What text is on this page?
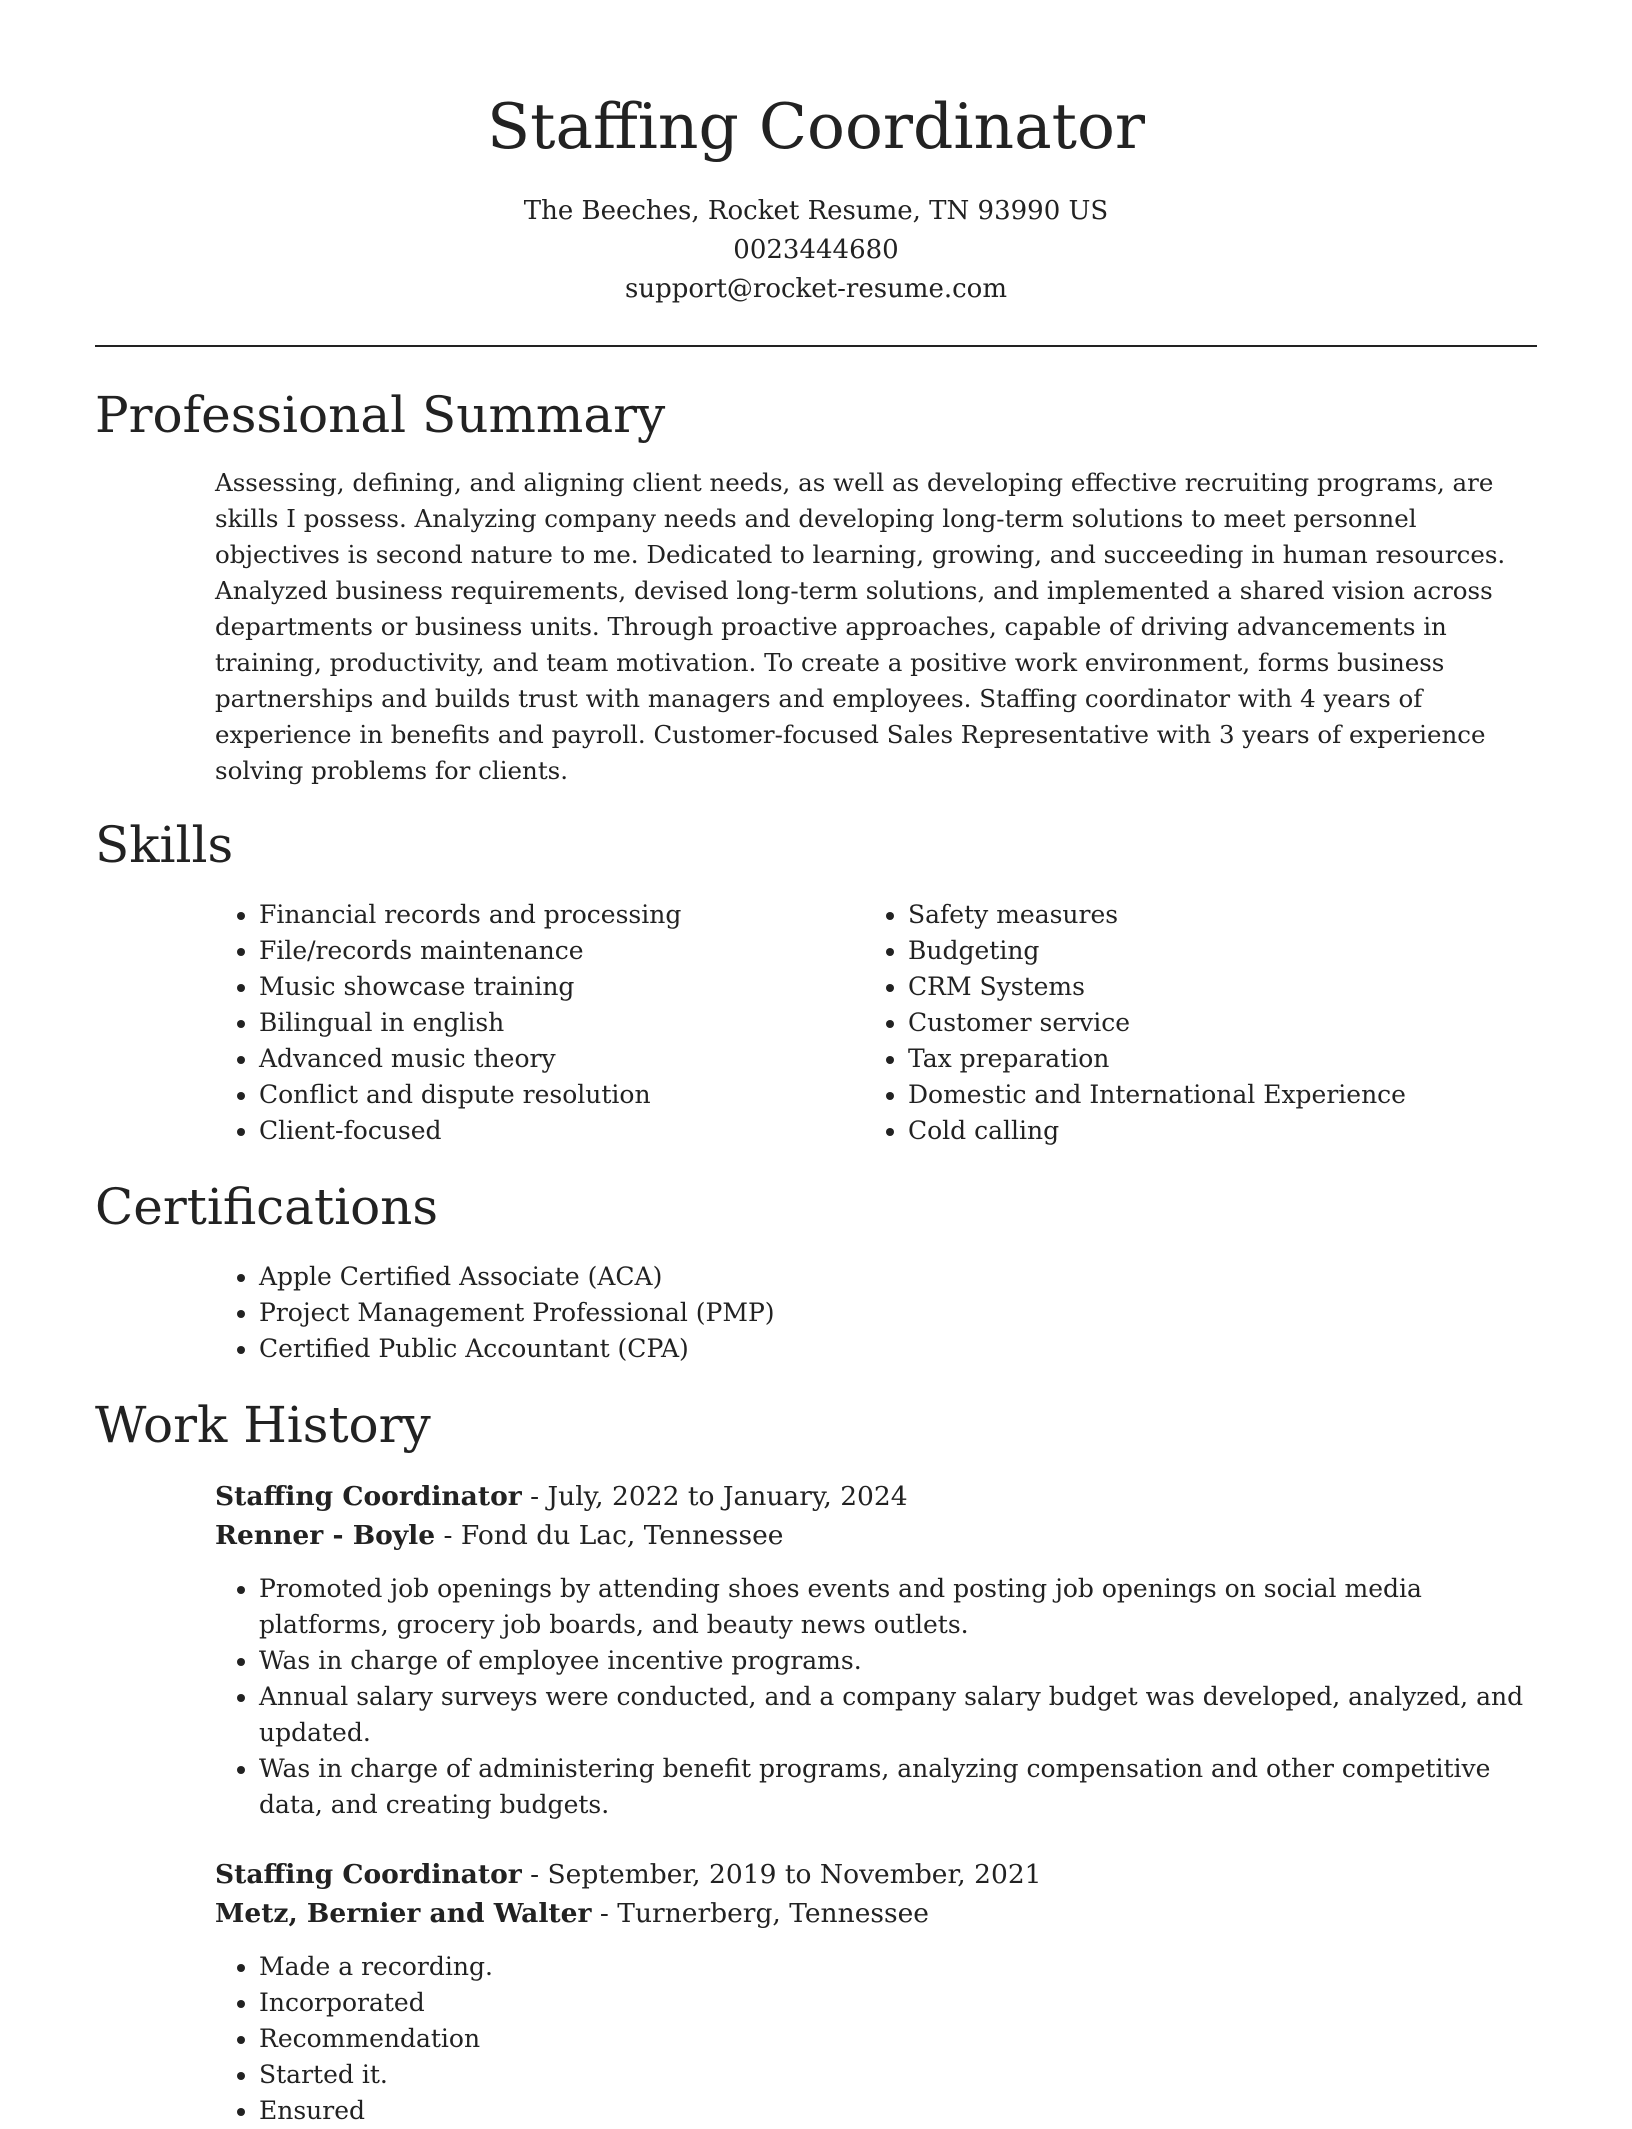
Staffing Coordinator
The Beeches, Rocket Resume, TN 93990 US
0023444680
support@rocket-resume.com
Professional Summary
Assessing, defining, and aligning client needs, as well as developing effective recruiting programs, are skills I possess. Analyzing company needs and developing long-term solutions to meet personnel objectives is second nature to me. Dedicated to learning, growing, and succeeding in human resources. Analyzed business requirements, devised long-term solutions, and implemented a shared vision across departments or business units. Through proactive approaches, capable of driving advancements in training, productivity, and team motivation. To create a positive work environment, forms business partnerships and builds trust with managers and employees. Staffing coordinator with 4 years of experience in benefits and payroll. Customer-focused Sales Representative with 3 years of experience solving problems for clients.
Skills
• Financial records and processing
• File/records maintenance
• Music showcase training
• Bilingual in english
• Advanced music theory
• Conflict and dispute resolution
• Client-focused
• Safety measures
• Budgeting
• CRM Systems
• Customer service
• Tax preparation
• Domestic and International Experience
• Cold calling
Certifications
• Apple Certified Associate (ACA)
• Project Management Professional (PMP)
• Certified Public Accountant (CPA)
Work History
Staffing Coordinator - July, 2022 to January, 2024
Renner - Boyle - Fond du Lac, Tennessee
• Promoted job openings by attending shoes events and posting job openings on social media platforms, grocery job boards, and beauty news outlets.
• Was in charge of employee incentive programs.
• Annual salary surveys were conducted, and a company salary budget was developed, analyzed, and updated.
• Was in charge of administering benefit programs, analyzing compensation and other competitive data, and creating budgets.
Staffing Coordinator - September, 2019 to November, 2021
Metz, Bernier and Walter - Turnerberg, Tennessee
• Made a recording.
• Incorporated
• Recommendation
• Started it.
• Ensured
